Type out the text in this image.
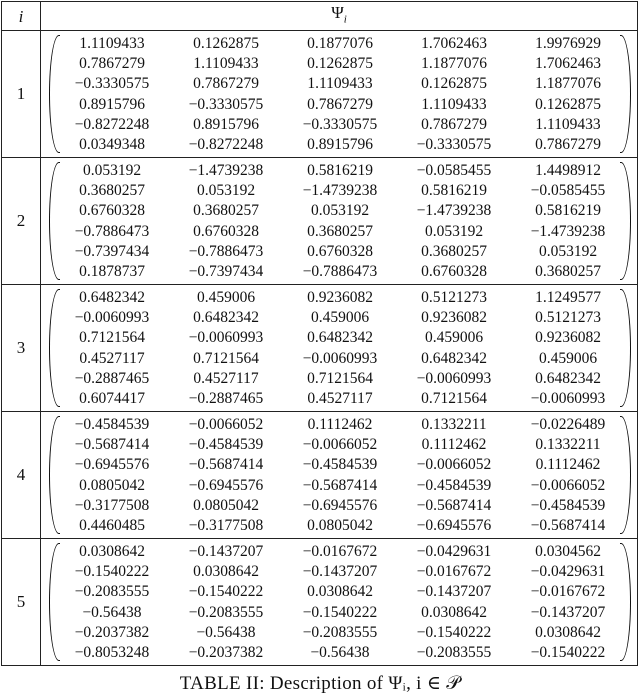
i	$\Psi_i$
1	
1.1109433	0.1262875	0.1877076	1.7062463	1.9976929
0.7867279	1.1109433	0.1262875	1.1877076	1.7062463
−0.3330575	0.7867279	1.1109433	0.1262875	1.1877076
0.8915796	−0.3330575	0.7867279	1.1109433	0.1262875
−0.8272248	0.8915796	−0.3330575	0.7867279	1.1109433
0.0349348	−0.8272248	0.8915796	−0.3330575	0.7867279

2	
0.053192	−1.4739238	0.5816219	−0.0585455	1.4498912
0.3680257	0.053192	−1.4739238	0.5816219	−0.0585455
0.6760328	0.3680257	0.053192	−1.4739238	0.5816219
−0.7886473	0.6760328	0.3680257	0.053192	−1.4739238
−0.7397434	−0.7886473	0.6760328	0.3680257	0.053192
0.1878737	−0.7397434	−0.7886473	0.6760328	0.3680257

3	
0.6482342	0.459006	0.9236082	0.5121273	1.1249577
−0.0060993	0.6482342	0.459006	0.9236082	0.5121273
0.7121564	−0.0060993	0.6482342	0.459006	0.9236082
0.4527117	0.7121564	−0.0060993	0.6482342	0.459006
−0.2887465	0.4527117	0.7121564	−0.0060993	0.6482342
0.6074417	−0.2887465	0.4527117	0.7121564	−0.0060993

4	
−0.4584539	−0.0066052	0.1112462	0.1332211	−0.0226489
−0.5687414	−0.4584539	−0.0066052	0.1112462	0.1332211
−0.6945576	−0.5687414	−0.4584539	−0.0066052	0.1112462
0.0805042	−0.6945576	−0.5687414	−0.4584539	−0.0066052
−0.3177508	0.0805042	−0.6945576	−0.5687414	−0.4584539
0.4460485	−0.3177508	0.0805042	−0.6945576	−0.5687414

5	
0.0308642	−0.1437207	−0.0167672	−0.0429631	0.0304562
−0.1540222	0.0308642	−0.1437207	−0.0167672	−0.0429631
−0.2083555	−0.1540222	0.0308642	−0.1437207	−0.0167672
−0.56438	−0.2083555	−0.1540222	0.0308642	−0.1437207
−0.2037382	−0.56438	−0.2083555	−0.1540222	0.0308642
−0.8053248	−0.2037382	−0.56438	−0.2083555	−0.1540222
TABLE II: Description of Ψᵢ, i ∈ 𝒫
